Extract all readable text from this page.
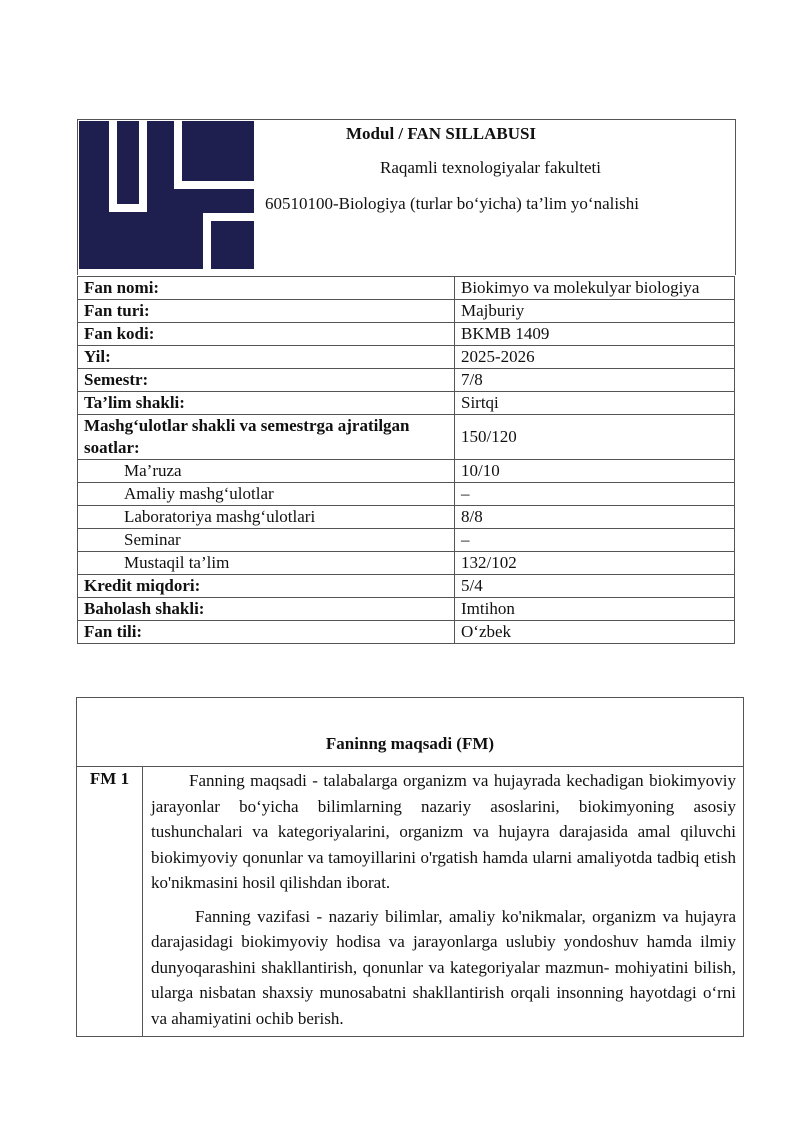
Modul / FAN SILLABUSI
Raqamli texnologiyalar fakulteti
60510100-Biologiya (turlar bo‘yicha) ta’lim yo‘nalishi
Fan nomi:	Biokimyo va molekulyar biologiya
Fan turi:	Majburiy
Fan kodi:	BKMB 1409
Yil:	2025-2026
Semestr:	7/8
Ta’lim shakli:	Sirtqi
Mashg‘ulotlar shakli va semestrga ajratilgan soatlar:	150/120
Ma’ruza	10/10
Amaliy mashg‘ulotlar	–
Laboratoriya mashg‘ulotlari	8/8
Seminar	–
Mustaqil ta’lim	132/102
Kredit miqdori:	5/4
Baholash shakli:	Imtihon
Fan tili:	O‘zbek
Faninng maqsadi (FM)
FM 1	Fanning maqsadi - talabalarga organizm va hujayrada kechadigan biokimyoviy jarayonlar bo‘yicha bilimlarning nazariy asoslarini, biokimyoning asosiy tushunchalari va kategoriyalarini, organizm va hujayra darajasida amal qiluvchi biokimyoviy qonunlar va tamoyillarini o'rgatish hamda ularni amaliyotda tadbiq etish ko'nikmasini hosil qilishdan iborat.

Fanning vazifasi - nazariy bilimlar, amaliy ko'nikmalar, organizm va hujayra darajasidagi biokimyoviy hodisa va jarayonlarga uslubiy yondoshuv hamda ilmiy dunyoqarashini shakllantirish, qonunlar va kategoriyalar mazmun- mohiyatini bilish, ularga nisbatan shaxsiy munosabatni shakllantirish orqali insonning hayotdagi o‘rni va ahamiyatini ochib berish.
